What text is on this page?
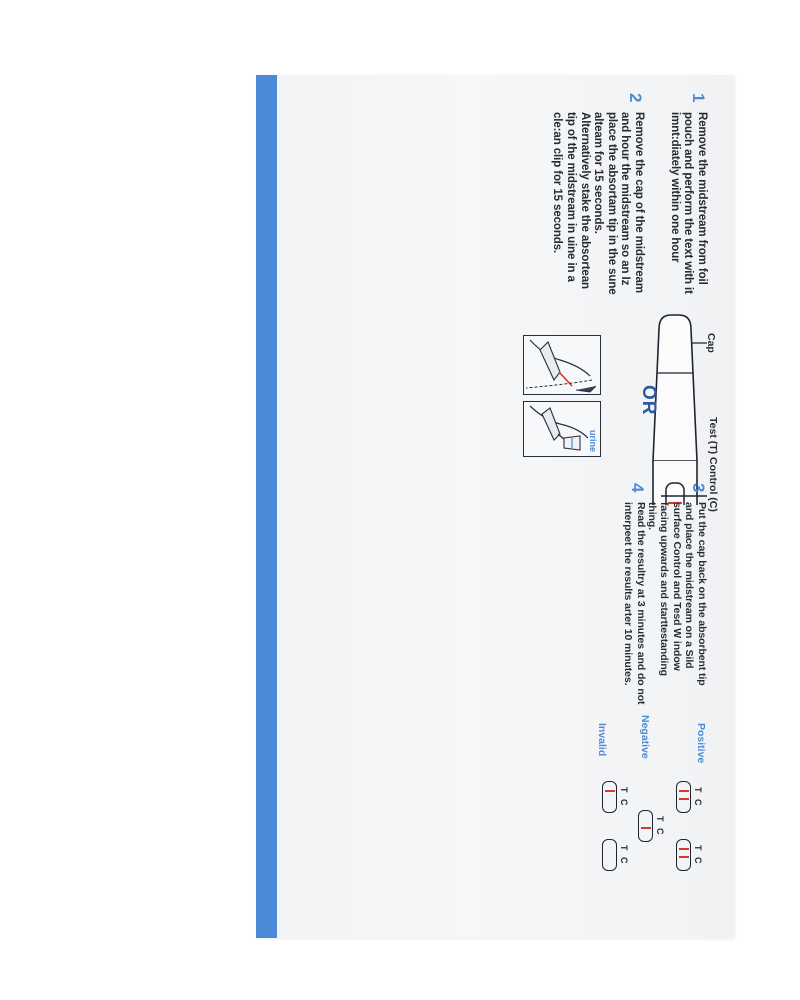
1
Remove the midstream from foil pouch and perform the text with it imnt:diately within one hour
2
Remove the cap of the midstream and hour the midstream so an Iz place the absortam tip in the sune alteam for 15 seconds. Alternatively stake the absortean tip of the midstream in uine in a cle:an clip for 15 seconds.
Cap
Test (T) Control (C)
3
Put the cap back on the absorbent tip and place the midstream on a Sild surface Control and Tesd W indow facing upwards and starttestanding thing.
4
Read the resultry at 3 minutes and do not interpeet the results arter 10 minutes.
OR
urine
Positive
Negative
Invalid
T C
T C
T C
T C
T C
